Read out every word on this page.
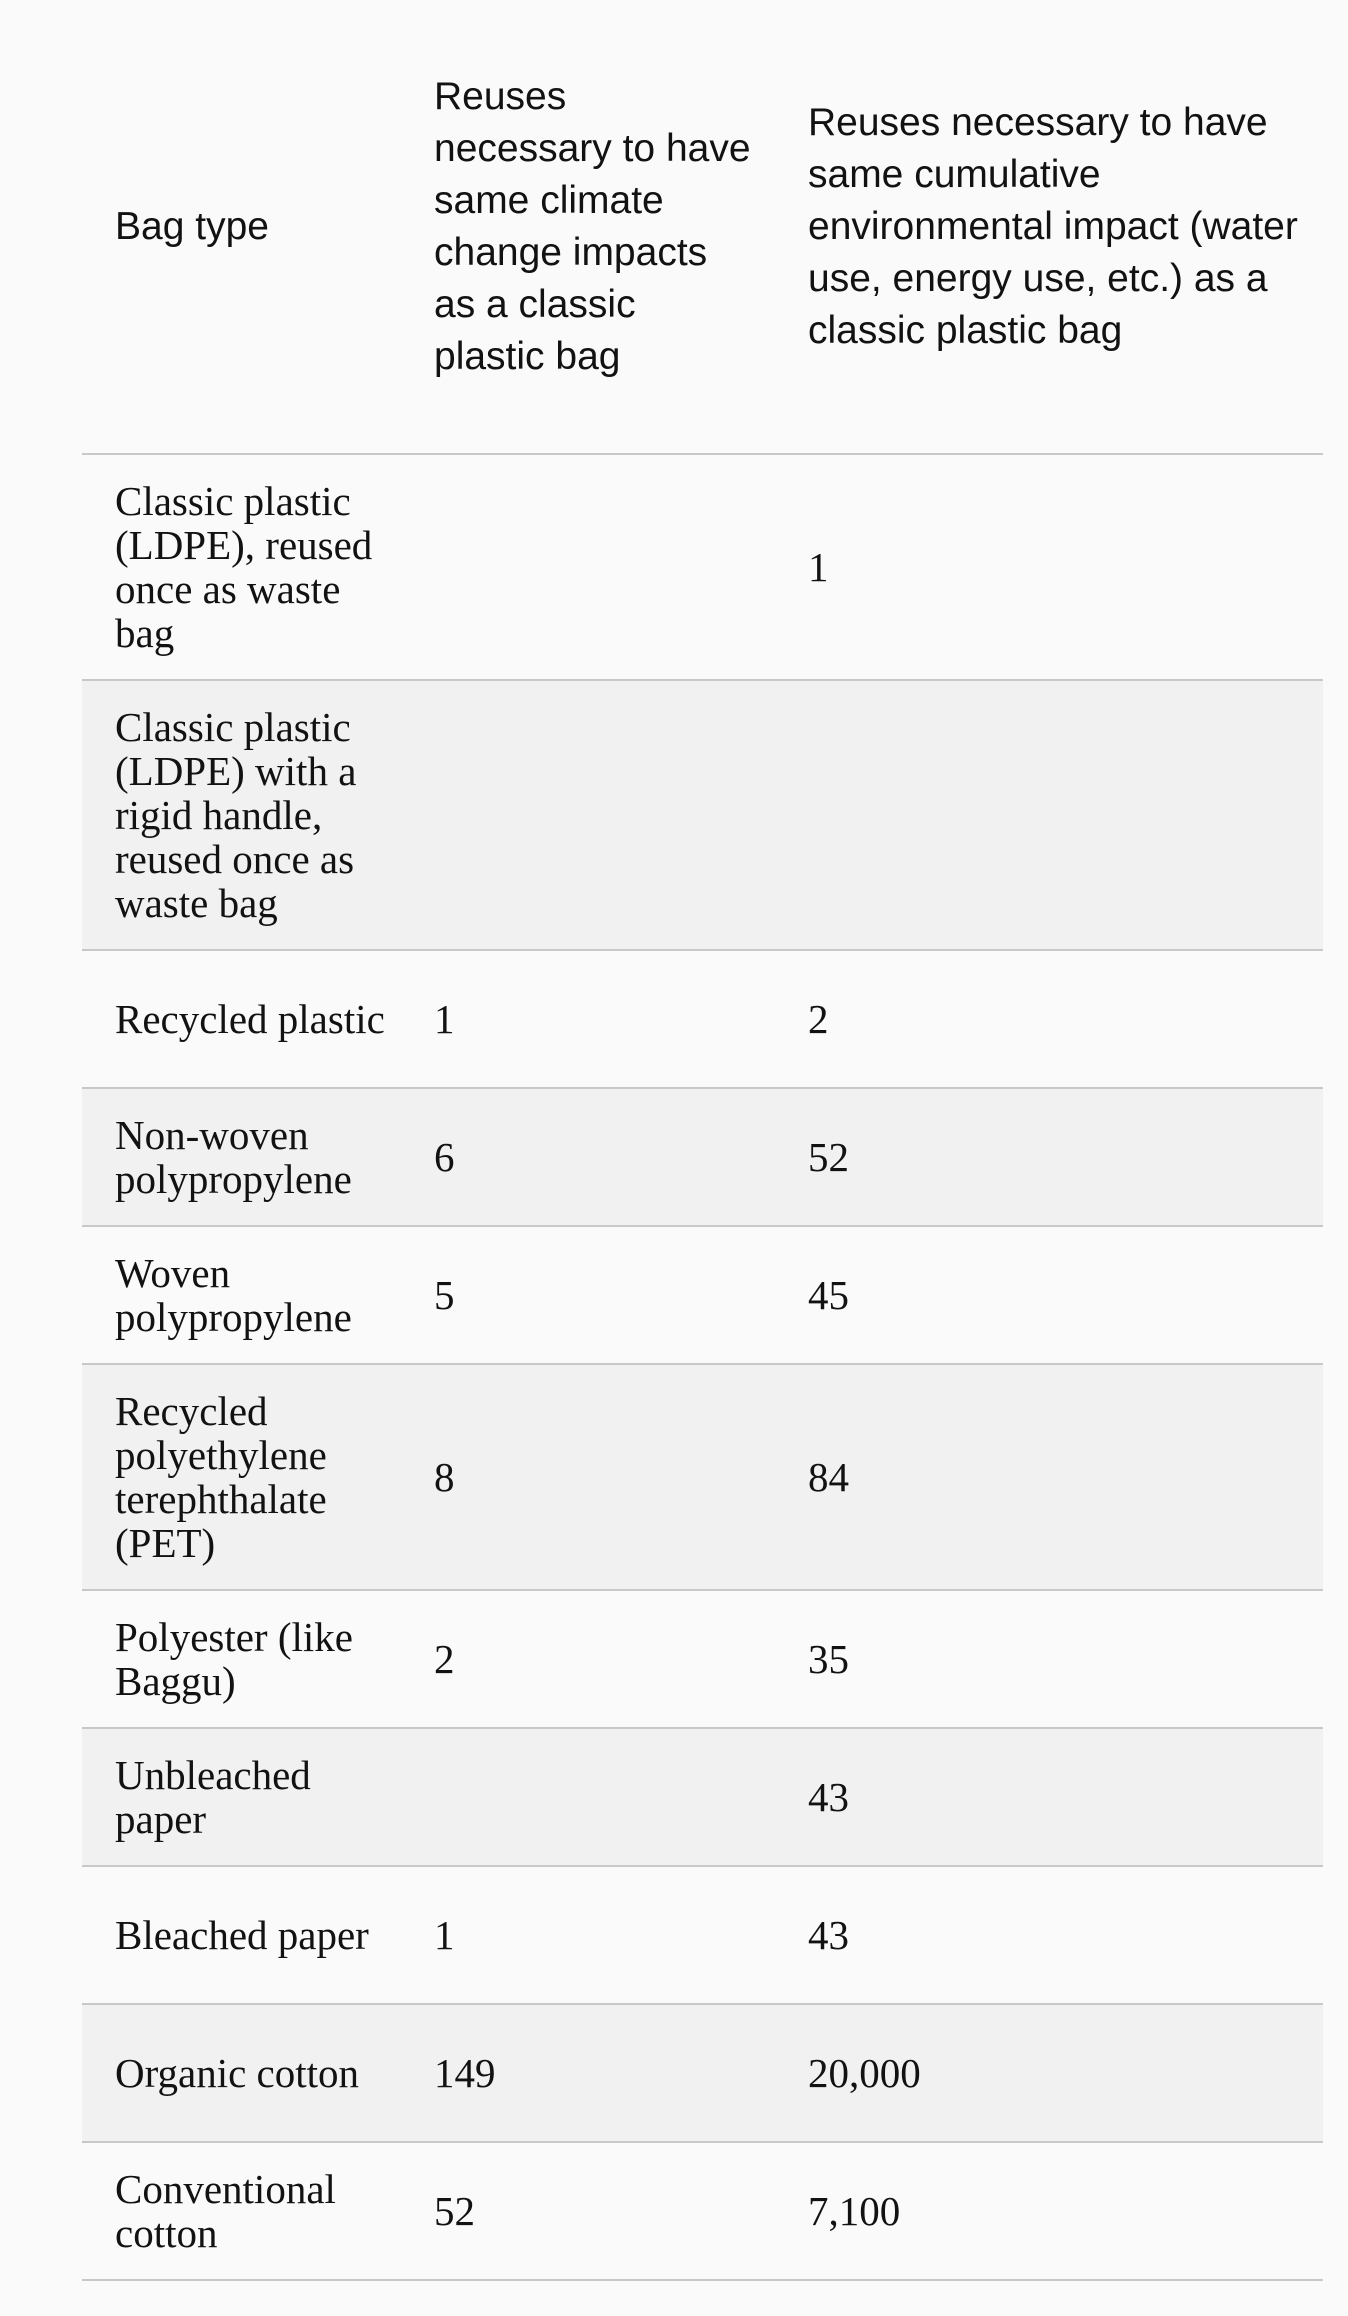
Bag type	Reuses necessary to have same climate change impacts as a classic plastic bag	Reuses necessary to have same cumulative environmental impact (water use, energy use, etc.) as a classic plastic bag
Classic plastic (LDPE), reused once as waste bag		1
Classic plastic (LDPE) with a rigid handle, reused once as waste bag		
Recycled plastic	1	2
Non-woven polypropylene	6	52
Woven polypropylene	5	45
Recycled polyethylene terephthalate (PET)	8	84
Polyester (like Baggu)	2	35
Unbleached paper		43
Bleached paper	1	43
Organic cotton	149	20,000
Conventional cotton	52	7,100
